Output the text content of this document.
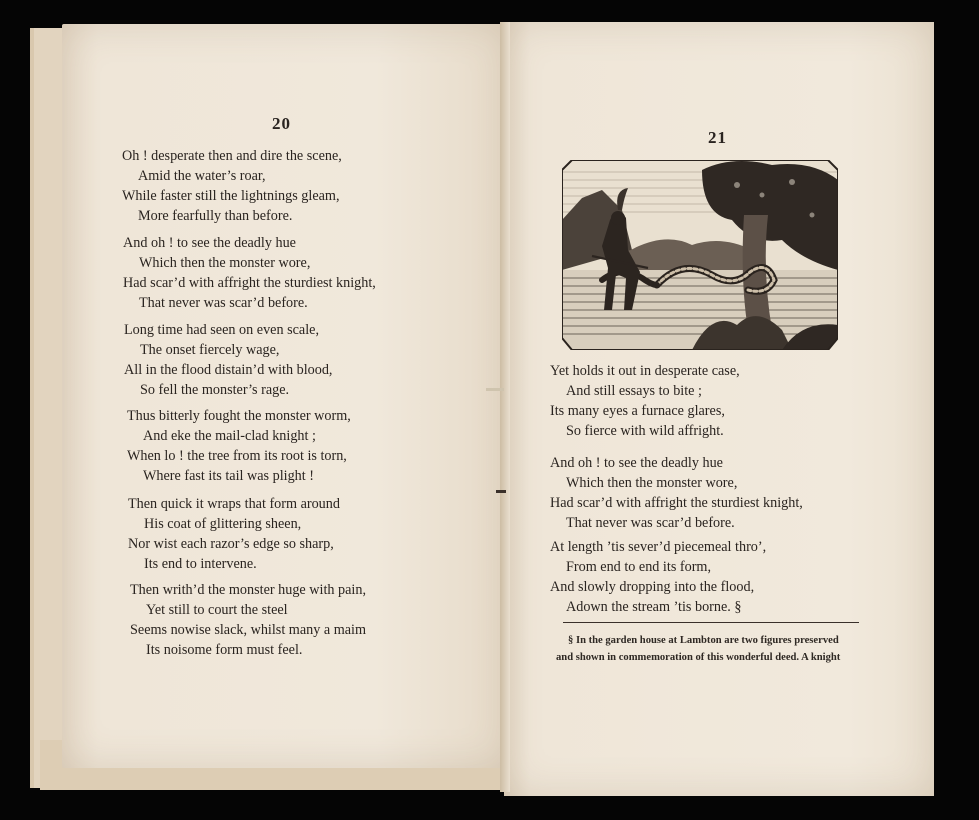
20
Oh ! desperate then and dire the scene,
Amid the water’s roar,
While faster still the lightnings gleam,
More fearfully than before.
And oh ! to see the deadly hue
Which then the monster wore,
Had scar’d with affright the sturdiest knight,
That never was scar’d before.
Long time had seen on even scale,
The onset fiercely wage,
All in the flood distain’d with blood,
So fell the monster’s rage.
Thus bitterly fought the monster worm,
And eke the mail-clad knight ;
When lo ! the tree from its root is torn,
Where fast its tail was plight !
Then quick it wraps that form around
His coat of glittering sheen,
Nor wist each razor’s edge so sharp,
Its end to intervene.
Then writh’d the monster huge with pain,
Yet still to court the steel
Seems nowise slack, whilst many a maim
Its noisome form must feel.
21
Yet holds it out in desperate case,
And still essays to bite ;
Its many eyes a furnace glares,
So fierce with wild affright.
And oh ! to see the deadly hue
Which then the monster wore,
Had scar’d with affright the sturdiest knight,
That never was scar’d before.
At length ’tis sever’d piecemeal thro’,
From end to end its form,
And slowly dropping into the flood,
Adown the stream ’tis borne. §
§ In the garden house at Lambton are two figures preserved
and shown in commemoration of this wonderful deed. A knight
